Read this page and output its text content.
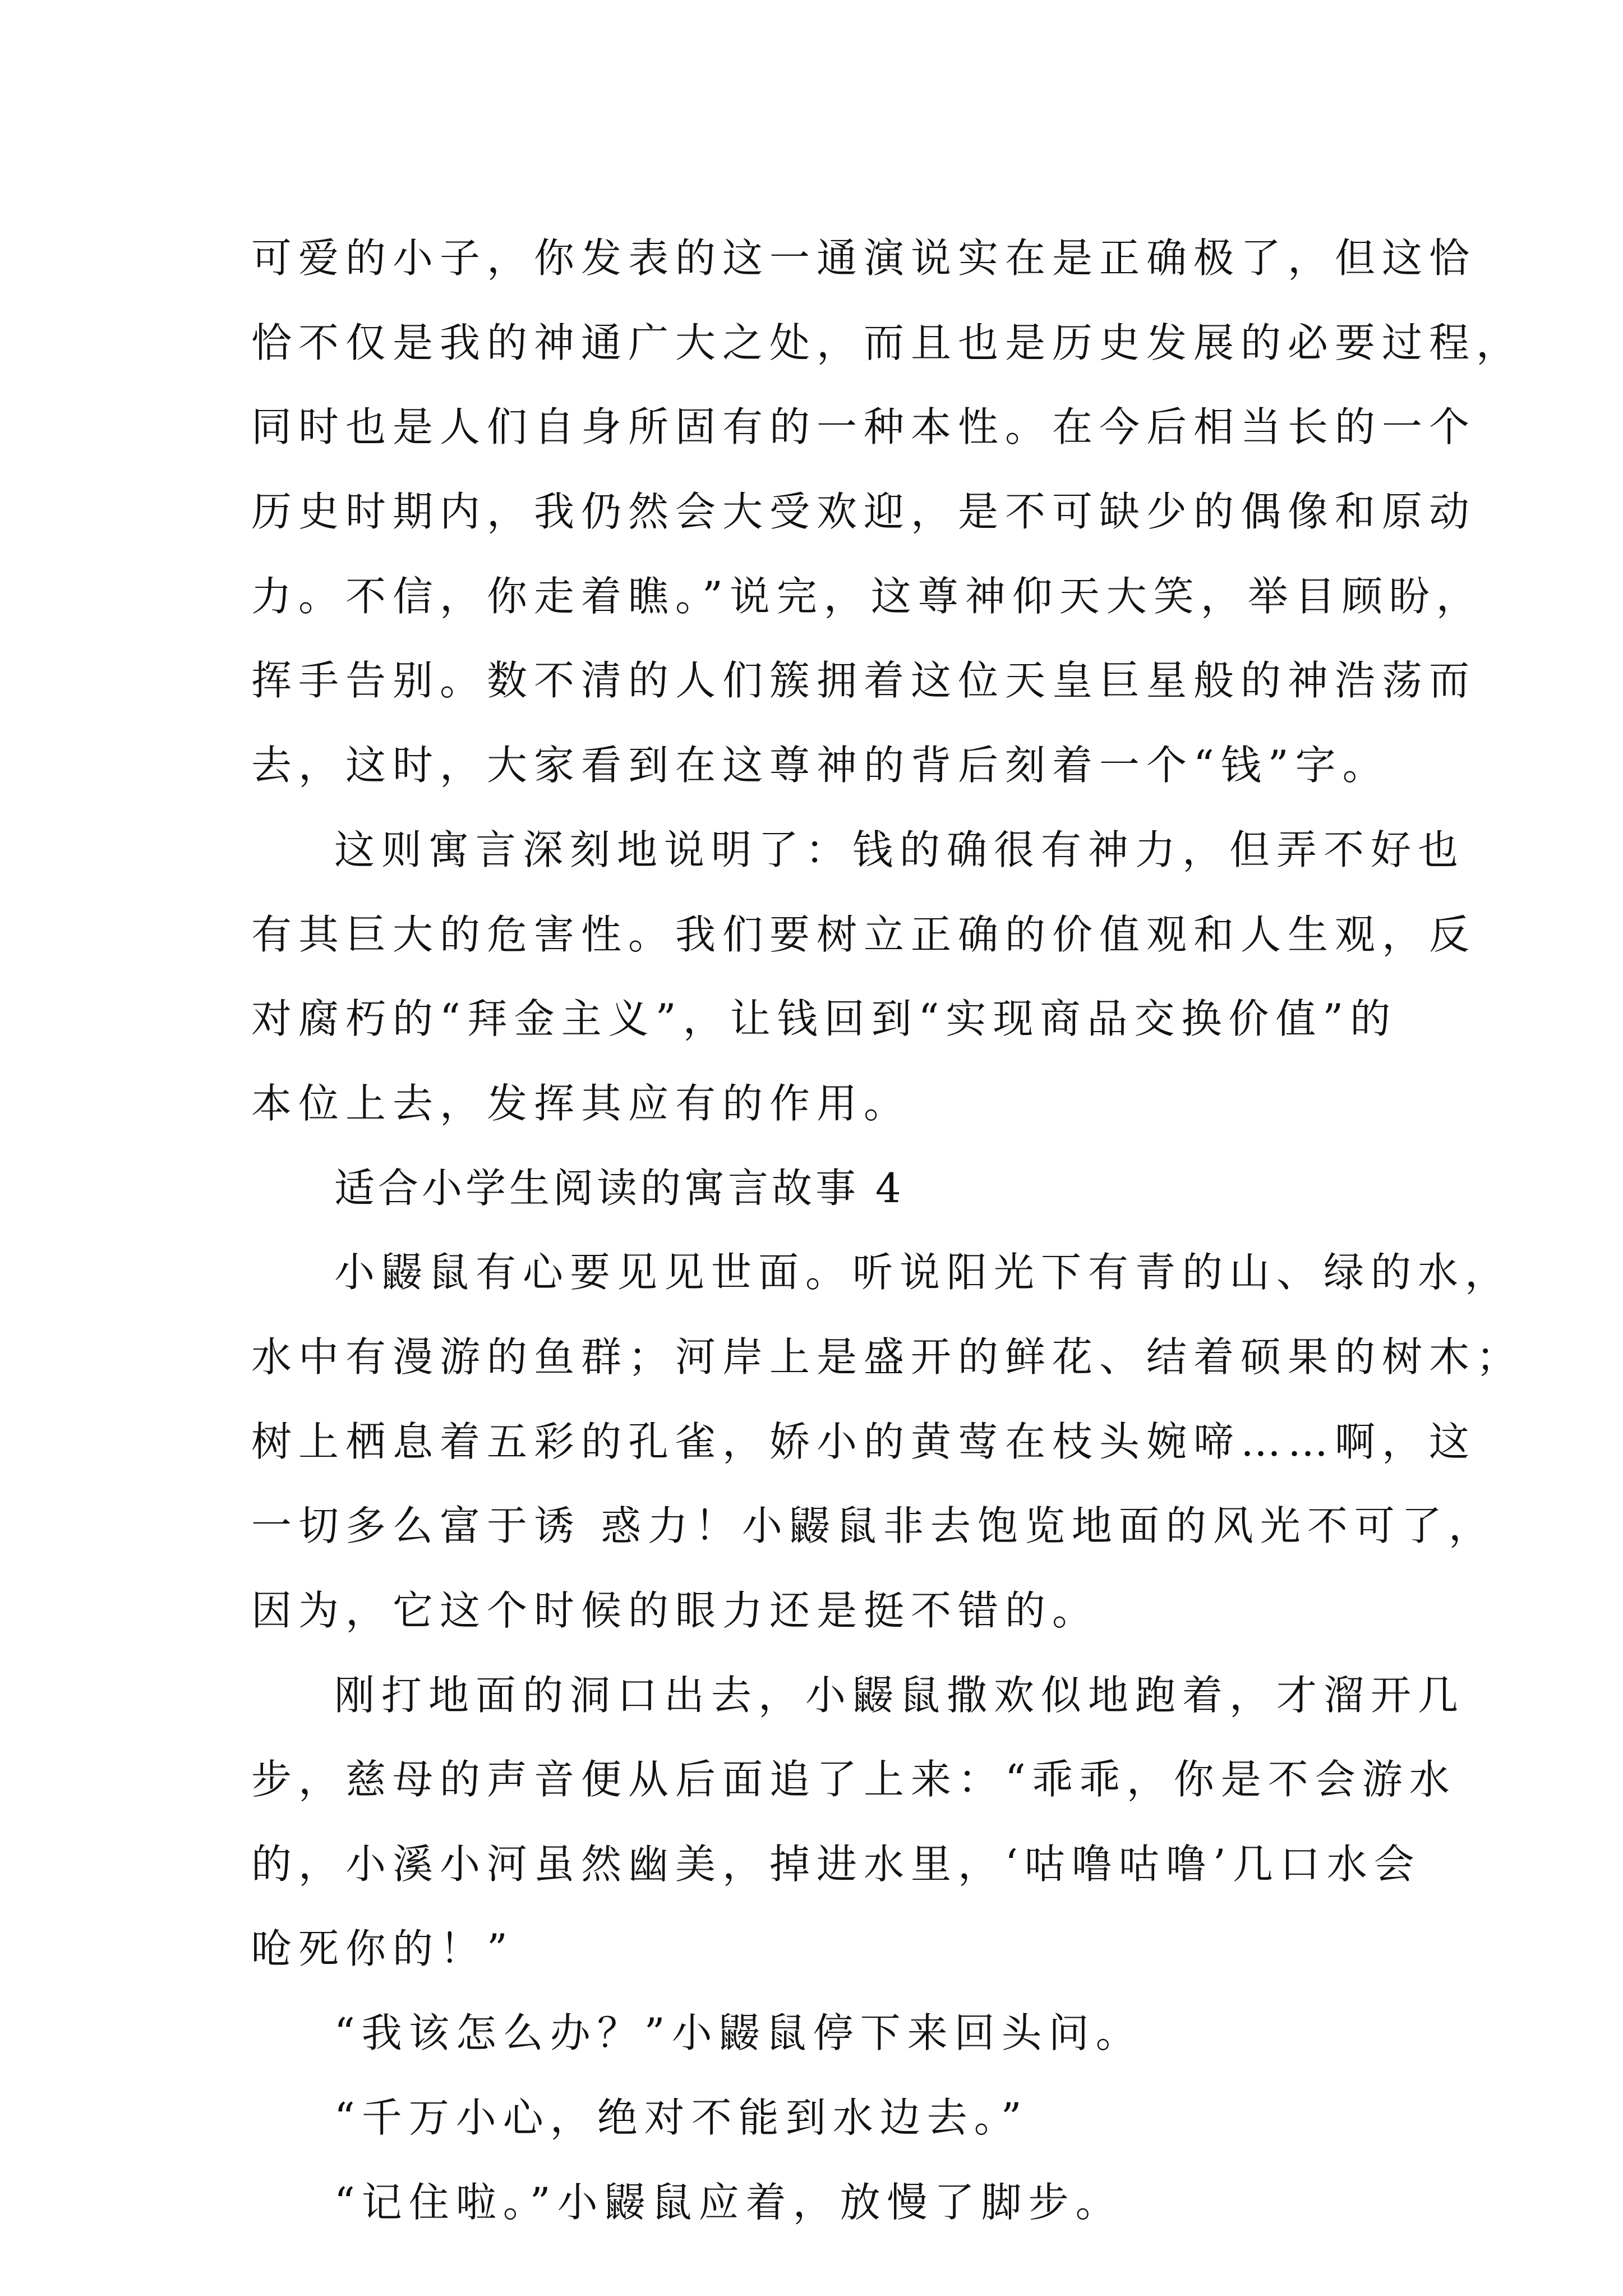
可爱的小子，你发表的这一通演说实在是正确极了，但这恰
恰不仅是我的神通广大之处，而且也是历史发展的必要过程，
同时也是人们自身所固有的一种本性。在今后相当长的一个
历史时期内，我仍然会大受欢迎，是不可缺少的偶像和原动
力。不信，你走着瞧。”说完，这尊神仰天大笑，举目顾盼，
挥手告别。数不清的人们簇拥着这位天皇巨星般的神浩荡而
去，这时，大家看到在这尊神的背后刻着一个“钱”字。
这则寓言深刻地说明了：钱的确很有神力，但弄不好也
有其巨大的危害性。我们要树立正确的价值观和人生观，反
对腐朽的“拜金主义”，让钱回到“实现商品交换价值”的
本位上去，发挥其应有的作用。
适合小学生阅读的寓言故事 4
小鼹鼠有心要见见世面。听说阳光下有青的山、绿的水，
水中有漫游的鱼群；河岸上是盛开的鲜花、结着硕果的树木；
树上栖息着五彩的孔雀，娇小的黄莺在枝头婉啼……啊，这
一切多么富于诱 惑力！小鼹鼠非去饱览地面的风光不可了，
因为，它这个时候的眼力还是挺不错的。
刚打地面的洞口出去，小鼹鼠撒欢似地跑着，才溜开几
步，慈母的声音便从后面追了上来：“乖乖，你是不会游水
的，小溪小河虽然幽美，掉进水里，‘咕噜咕噜’几口水会
呛死你的！”
“我该怎么办？”小鼹鼠停下来回头问。
“千万小心，绝对不能到水边去。”
“记住啦。”小鼹鼠应着，放慢了脚步。
